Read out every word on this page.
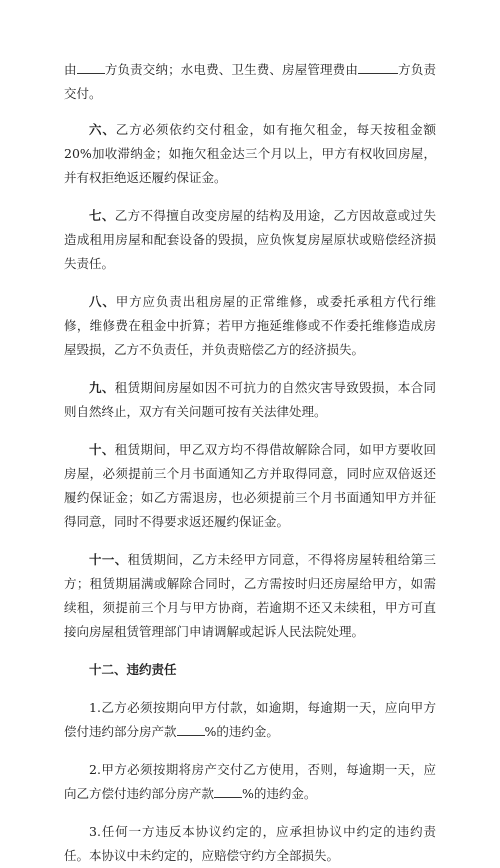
由 方负责交纳；水电费、卫生费、房屋管理费由	方负责交付。

六、乙方必须依约交付租金，如有拖欠租金，每天按租金额 20%加收滞纳金；如拖欠租金达三个月以上，甲方有权收回房屋，并有权拒绝返还履约保证金。

七、乙方不得擅自改变房屋的结构及用途，乙方因故意或过失造成租用房屋和配套设备的毁损，应负恢复房屋原状或赔偿经济损失责任。

八、甲方应负责出租房屋的正常维修，或委托承租方代行维修，维修费在租金中折算；若甲方拖延维修或不作委托维修造成房屋毁损，乙方不负责任，并负责赔偿乙方的经济损失。

九、租赁期间房屋如因不可抗力的自然灾害导致毁损，本合同则自然终止，双方有关问题可按有关法律处理。

十、租赁期间，甲乙双方均不得借故解除合同，如甲方要收回房屋，必须提前三个月书面通知乙方并取得同意，同时应双倍返还履约保证金；如乙方需退房，也必须提前三个月书面通知甲方并征得同意，同时不得要求返还履约保证金。

十一、租赁期间，乙方未经甲方同意，不得将房屋转租给第三方；租赁期届满或解除合同时，乙方需按时归还房屋给甲方，如需续租，须提前三个月与甲方协商，若逾期不还又未续租，甲方可直接向房屋租赁管理部门申请调解或起诉人民法院处理。

十二、违约责任

1.乙方必须按期向甲方付款，如逾期，每逾期一天，应向甲方偿付违约部分房产款 %的违约金。

2.甲方必须按期将房产交付乙方使用，否则，每逾期一天，应向乙方偿付违约部分房产款 %的违约金。

3.任何一方违反本协议约定的，应承担协议中约定的违约责任。本协议中未约定的，应赔偿守约方全部损失。
